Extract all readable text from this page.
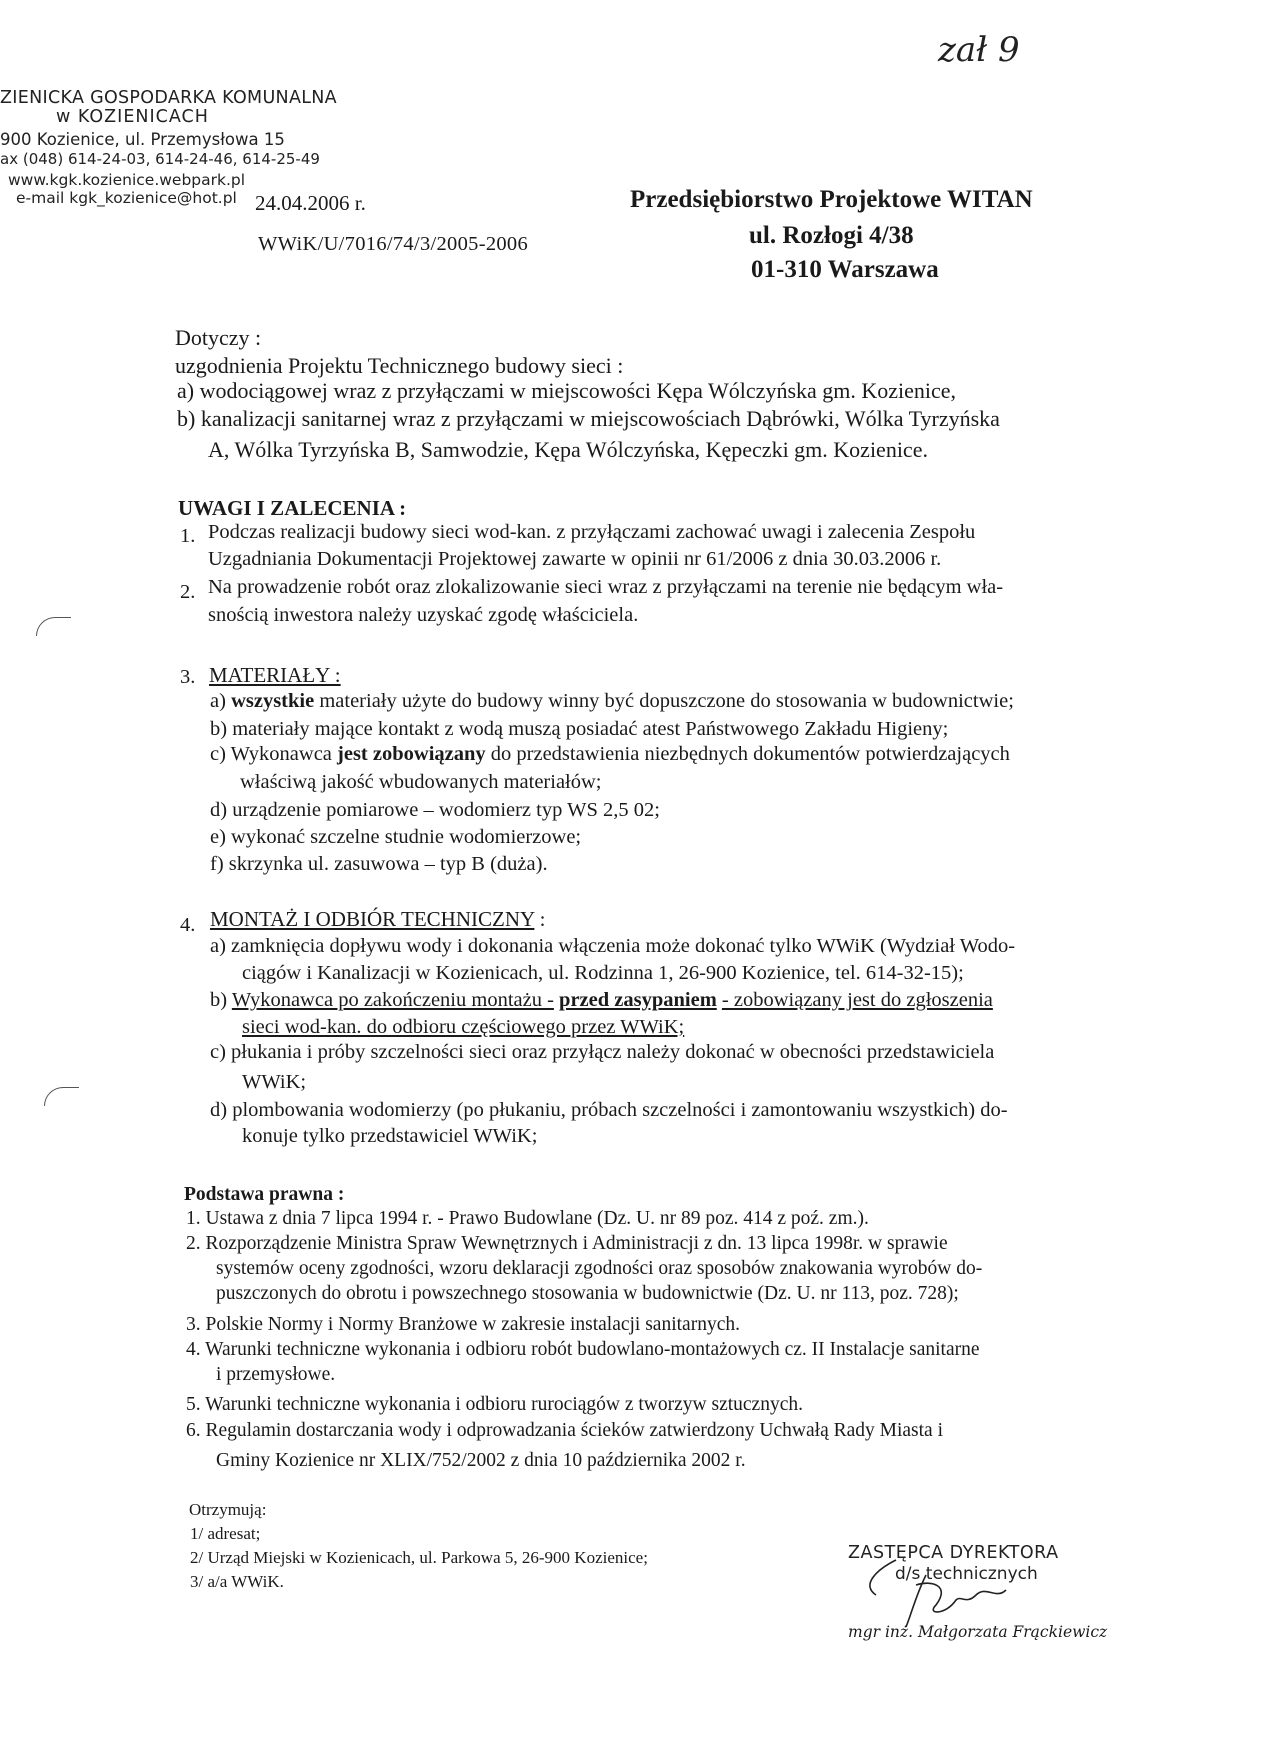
zał 9
ZIENICKA GOSPODARKA KOMUNALNA
w KOZIENICACH
900 Kozienice, ul. Przemysłowa 15
ax (048) 614-24-03, 614-24-46, 614-25-49
www.kgk.kozienice.webpark.pl
e-mail kgk_kozienice@hot.pl 24.04.2006 r.
WWiK/U/7016/74/3/2005-2006
Przedsiębiorstwo Projektowe WITAN
ul. Rozłogi 4/38
01-310 Warszawa
Dotyczy :
uzgodnienia Projektu Technicznego budowy sieci :
a) wodociągowej wraz z przyłączami w miejscowości Kępa Wólczyńska gm. Kozienice,
b) kanalizacji sanitarnej wraz z przyłączami w miejscowościach Dąbrówki, Wólka Tyrzyńska
A, Wólka Tyrzyńska B, Samwodzie, Kępa Wólczyńska, Kępeczki gm. Kozienice.
UWAGI I ZALECENIA :
1. Podczas realizacji budowy sieci wod-kan. z przyłączami zachować uwagi i zalecenia Zespołu
Uzgadniania Dokumentacji Projektowej zawarte w opinii nr 61/2006 z dnia 30.03.2006 r.
2. Na prowadzenie robót oraz zlokalizowanie sieci wraz z przyłączami na terenie nie będącym wła-
snością inwestora należy uzyskać zgodę właściciela.
3. MATERIAŁY :
a) wszystkie materiały użyte do budowy winny być dopuszczone do stosowania w budownictwie;
b) materiały mające kontakt z wodą muszą posiadać atest Państwowego Zakładu Higieny;
c) Wykonawca jest zobowiązany do przedstawienia niezbędnych dokumentów potwierdzających
właściwą jakość wbudowanych materiałów;
d) urządzenie pomiarowe – wodomierz typ WS 2,5 02;
e) wykonać szczelne studnie wodomierzowe;
f) skrzynka ul. zasuwowa – typ B (duża).
4. MONTAŻ I ODBIÓR TECHNICZNY :
a) zamknięcia dopływu wody i dokonania włączenia może dokonać tylko WWiK (Wydział Wodo-
ciągów i Kanalizacji w Kozienicach, ul. Rodzinna 1, 26-900 Kozienice, tel. 614-32-15);
b) Wykonawca po zakończeniu montażu - przed zasypaniem - zobowiązany jest do zgłoszenia
sieci wod-kan. do odbioru częściowego przez WWiK;
c) płukania i próby szczelności sieci oraz przyłącz należy dokonać w obecności przedstawiciela
WWiK;
d) plombowania wodomierzy (po płukaniu, próbach szczelności i zamontowaniu wszystkich) do-
konuje tylko przedstawiciel WWiK;
Podstawa prawna :
1. Ustawa z dnia 7 lipca 1994 r. - Prawo Budowlane (Dz. U. nr 89 poz. 414 z poź. zm.).
2. Rozporządzenie Ministra Spraw Wewnętrznych i Administracji z dn. 13 lipca 1998r. w sprawie
systemów oceny zgodności, wzoru deklaracji zgodności oraz sposobów znakowania wyrobów do-
puszczonych do obrotu i powszechnego stosowania w budownictwie (Dz. U. nr 113, poz. 728);
3. Polskie Normy i Normy Branżowe w zakresie instalacji sanitarnych.
4. Warunki techniczne wykonania i odbioru robót budowlano-montażowych cz. II Instalacje sanitarne
i przemysłowe.
5. Warunki techniczne wykonania i odbioru rurociągów z tworzyw sztucznych.
6. Regulamin dostarczania wody i odprowadzania ścieków zatwierdzony Uchwałą Rady Miasta i
Gminy Kozienice nr XLIX/752/2002 z dnia 10 października 2002 r.
Otrzymują:
1/ adresat;
2/ Urząd Miejski w Kozienicach, ul. Parkowa 5, 26-900 Kozienice;
3/ a/a WWiK.
ZASTĘPCA DYREKTORA
d/s technicznych
mgr inż. Małgorzata Frąckiewicz
